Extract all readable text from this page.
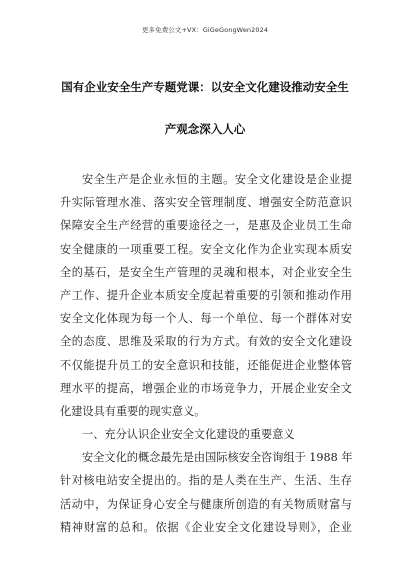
更多免费公文+VX：GiGeGongWen2024
国有企业安全生产专题党课：以安全文化建设推动安全生
产观念深入人心
安全生产是企业永恒的主题。安全文化建设是企业提
升实际管理水准、落实安全管理制度、增强安全防范意识
保障安全生产经营的重要途径之一，是惠及企业员工生命
安全健康的一项重要工程。安全文化作为企业实现本质安
全的基石，是安全生产管理的灵魂和根本，对企业安全生
产工作、提升企业本质安全度起着重要的引领和推动作用
安全文化体现为每一个人、每一个单位、每一个群体对安
全的态度、思维及采取的行为方式。有效的安全文化建设
不仅能提升员工的安全意识和技能，还能促进企业整体管
理水平的提高，增强企业的市场竞争力，开展企业安全文
化建设具有重要的现实意义。
一、充分认识企业安全文化建设的重要意义
安全文化的概念最先是由国际核安全咨询组于 1988 年
针对核电站安全提出的。指的是人类在生产、生活、生存
活动中，为保证身心安全与健康所创造的有关物质财富与
精神财富的总和。依据《企业安全文化建设导则》，企业
